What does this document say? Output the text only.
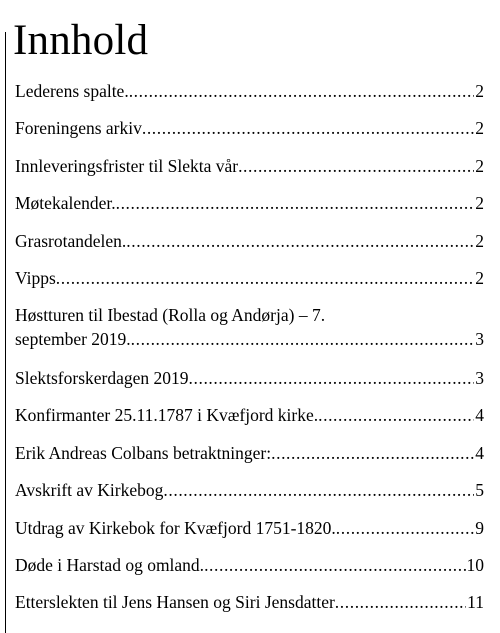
Innhold
Lederens spalte. .....	2
Foreningens arkiv .....	2
Innleveringsfrister til Slekta vår .....	2
Møtekalender. .....	2
Grasrotandelen. .....	2
Vipps .....	2
Høstturen til Ibestad (Rolla og Andørja) – 7.
september 2019. .....	3
Slektsforskerdagen 2019 .....	3
Konfirmanter 25.11.1787 i Kvæfjord kirke. .....	4
Erik Andreas Colbans betraktninger: .....	4
Avskrift av Kirkebog .....	5
Utdrag av Kirkebok for Kvæfjord 1751-1820. .....	9
Døde i Harstad og omland. .....	10
Etterslekten til Jens Hansen og Siri Jensdatter .....	11
